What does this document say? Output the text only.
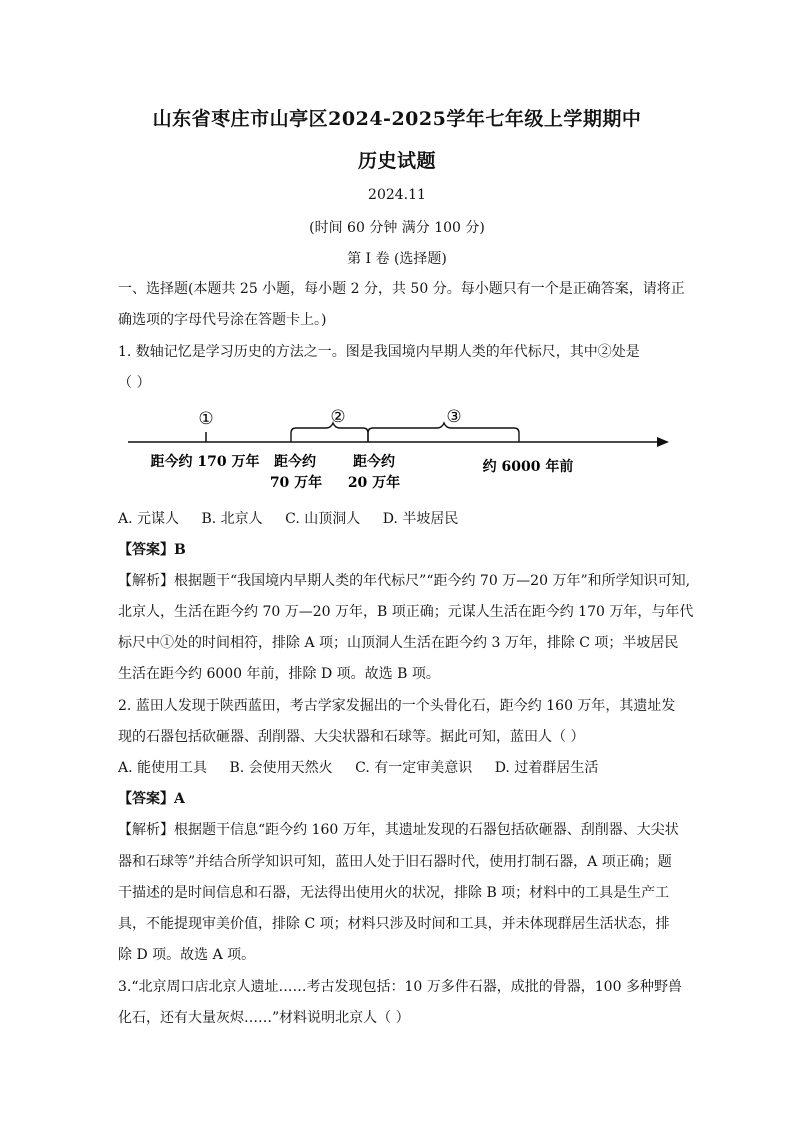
山东省枣庄市山亭区2024-2025学年七年级上学期期中
历史试题
2024.11
(时间 60 分钟 满分 100 分)
第 I 卷 (选择题)
一、选择题(本题共 25 小题，每小题 2 分，共 50 分。每小题只有一个是正确答案，请将正
确选项的字母代号涂在答题卡上。)
1. 数轴记忆是学习历史的方法之一。图是我国境内早期人类的年代标尺，其中②处是
（ ）
①	②	③
距今约 170 万年 距今约
70 万年
距今约
20 万年
约 6000 年前
A. 元谋人 B. 北京人 C. 山顶洞人 D. 半坡居民
【答案】B
【解析】根据题干“我国境内早期人类的年代标尺”“距今约 70 万—20 万年”和所学知识可知,
北京人，生活在距今约 70 万—20 万年，B 项正确；元谋人生活在距今约 170 万年，与年代
标尺中①处的时间相符，排除 A 项；山顶洞人生活在距今约 3 万年，排除 C 项；半坡居民
生活在距今约 6000 年前，排除 D 项。故选 B 项。
2. 蓝田人发现于陕西蓝田，考古学家发掘出的一个头骨化石，距今约 160 万年，其遗址发
现的石器包括砍砸器、刮削器、大尖状器和石球等。据此可知，蓝田人（ ）
A. 能使用工具 B. 会使用天然火 C. 有一定审美意识 D. 过着群居生活
【答案】A
【解析】根据题干信息“距今约 160 万年，其遗址发现的石器包括砍砸器、刮削器、大尖状
器和石球等”并结合所学知识可知，蓝田人处于旧石器时代，使用打制石器，A 项正确；题
干描述的是时间信息和石器，无法得出使用火的状况，排除 B 项；材料中的工具是生产工
具，不能提现审美价值，排除 C 项；材料只涉及时间和工具，并未体现群居生活状态，排
除 D 项。故选 A 项。
3.“北京周口店北京人遗址……考古发现包括：10 万多件石器，成批的骨器，100 多种野兽
化石，还有大量灰烬……”材料说明北京人（ ）
